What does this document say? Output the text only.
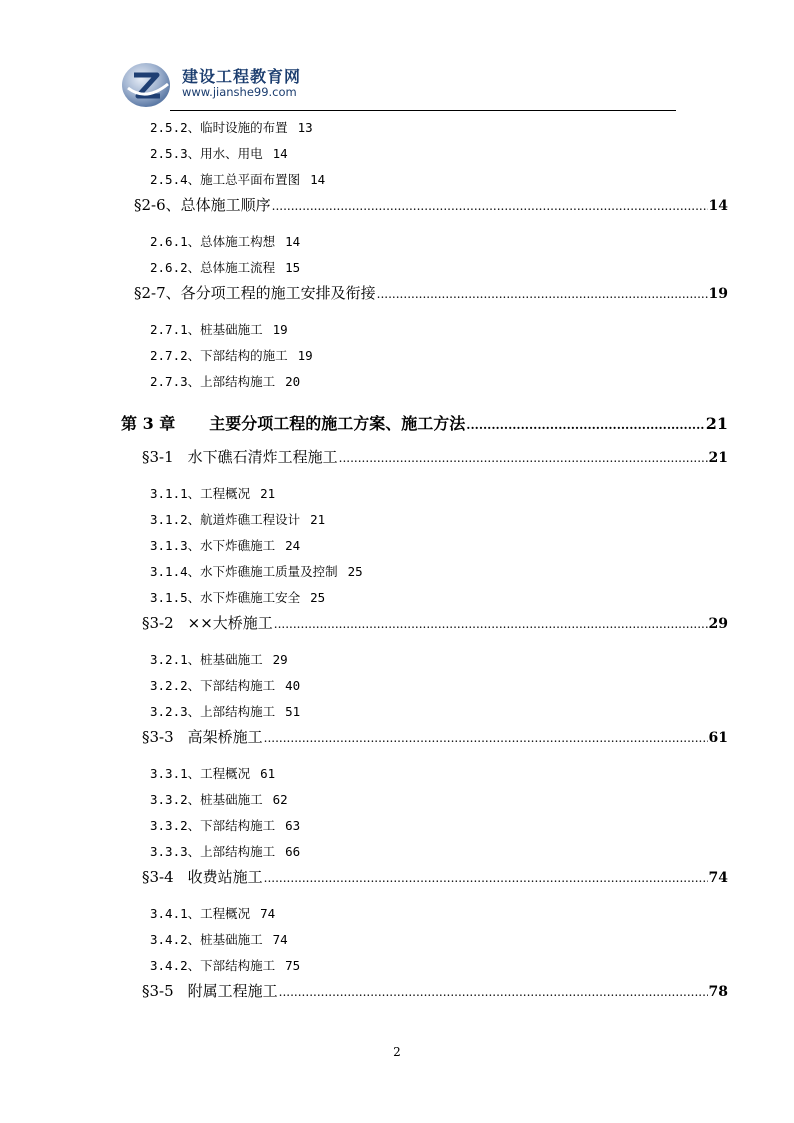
建设工程教育网
www.jianshe99.com
2.5.2、临时设施的布置 13
2.5.3、用水、用电 14
2.5.4、施工总平面布置图 14
§2-6、 总体施工顺序 .....	14
2.6.1、总体施工构想 14
2.6.2、总体施工流程 15
§2-7、 各分项工程的施工安排及衔接 .....	19
2.7.1、桩基础施工 19
2.7.2、下部结构的施工 19
2.7.3、上部结构施工 20
第 3 章 主要分项工程的施工方案、施工方法 .....	21
§3-1 水下礁石清炸工程施工 .....	21
3.1.1、工程概况 21
3.1.2、航道炸礁工程设计 21
3.1.3、水下炸礁施工 24
3.1.4、水下炸礁施工质量及控制 25
3.1.5、水下炸礁施工安全 25
§3-2 ××大桥施工 .....	29
3.2.1、桩基础施工 29
3.2.2、下部结构施工 40
3.2.3、上部结构施工 51
§3-3 高架桥施工 .....	61
3.3.1、工程概况 61
3.3.2、桩基础施工 62
3.3.2、下部结构施工 63
3.3.3、上部结构施工 66
§3-4 收费站施工 .....	74
3.4.1、工程概况 74
3.4.2、桩基础施工 74
3.4.2、下部结构施工 75
§3-5 附属工程施工 .....	78
2
